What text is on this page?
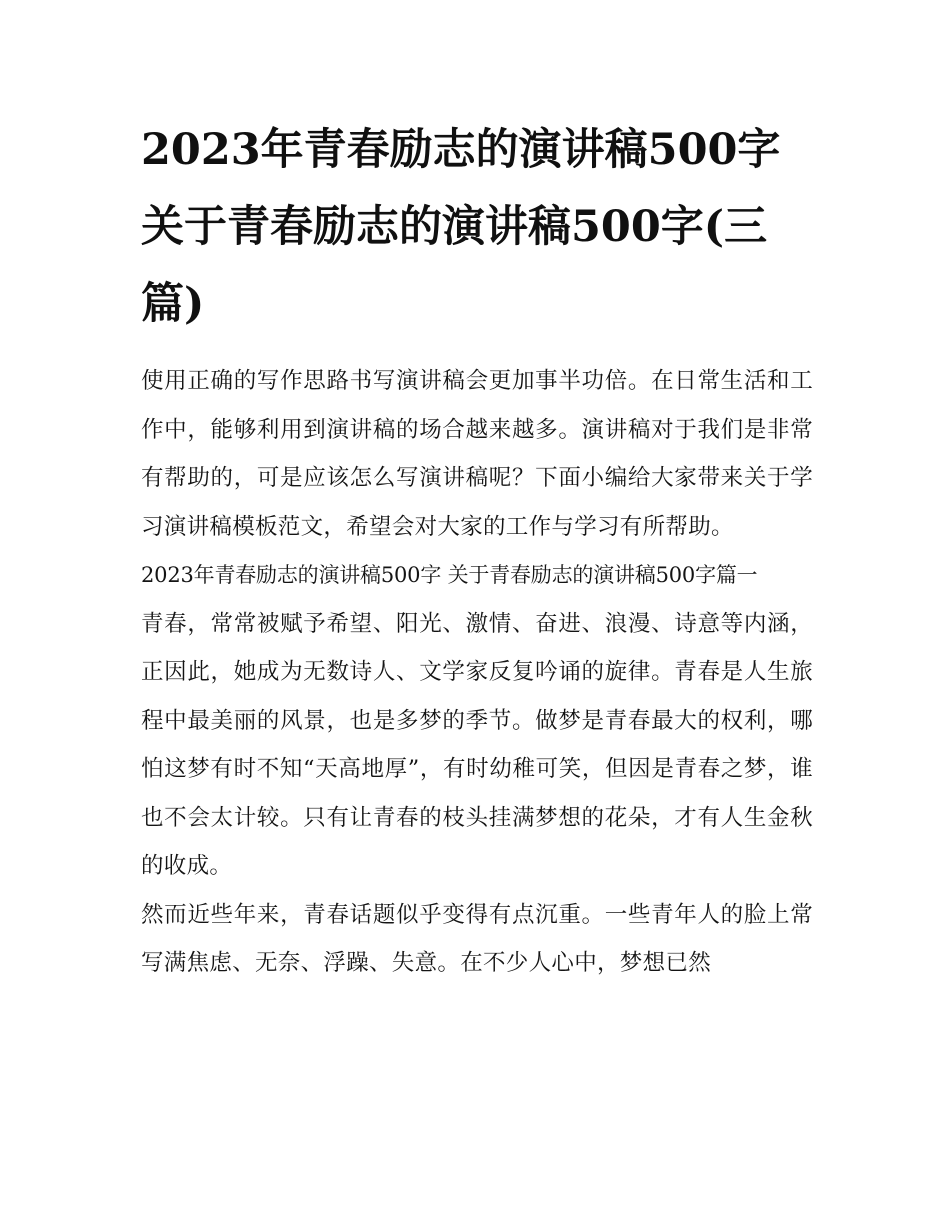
2023年青春励志的演讲稿500字 关于青春励志的演讲稿500字(三篇)

使用正确的写作思路书写演讲稿会更加事半功倍。在日常生活和工作中，能够利用到演讲稿的场合越来越多。演讲稿对于我们是非常有帮助的，可是应该怎么写演讲稿呢？下面小编给大家带来关于学习演讲稿模板范文，希望会对大家的工作与学习有所帮助。

2023年青春励志的演讲稿500字 关于青春励志的演讲稿500字篇一

青春，常常被赋予希望、阳光、激情、奋进、浪漫、诗意等内涵，正因此，她成为无数诗人、文学家反复吟诵的旋律。青春是人生旅程中最美丽的风景，也是多梦的季节。做梦是青春最大的权利，哪怕这梦有时不知“天高地厚”，有时幼稚可笑，但因是青春之梦，谁也不会太计较。只有让青春的枝头挂满梦想的花朵，才有人生金秋的收成。

然而近些年来，青春话题似乎变得有点沉重。一些青年人的脸上常写满焦虑、无奈、浮躁、失意。在不少人心中，梦想已然
